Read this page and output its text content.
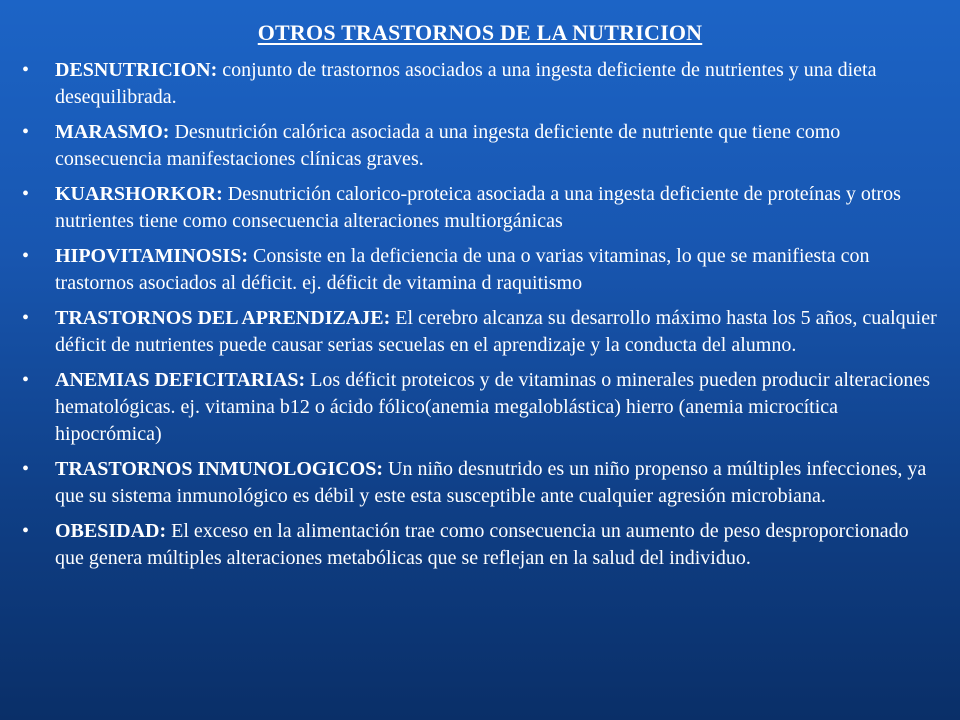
OTROS TRASTORNOS DE LA NUTRICION
• DESNUTRICION: conjunto de trastornos asociados a una ingesta deficiente de nutrientes y una dieta desequilibrada.
• MARASMO: Desnutrición calórica asociada a una ingesta deficiente de nutriente que tiene como consecuencia manifestaciones clínicas graves.
• KUARSHORKOR: Desnutrición calorico-proteica asociada a una ingesta deficiente de proteínas y otros nutrientes tiene como consecuencia alteraciones multiorgánicas
• HIPOVITAMINOSIS: Consiste en la deficiencia de una o varias vitaminas, lo que se manifiesta con trastornos asociados al déficit. ej. déficit de vitamina d raquitismo
• TRASTORNOS DEL APRENDIZAJE: El cerebro alcanza su desarrollo máximo hasta los 5 años, cualquier déficit de nutrientes puede causar serias secuelas en el aprendizaje y la conducta del alumno.
• ANEMIAS DEFICITARIAS: Los déficit proteicos y de vitaminas o minerales pueden producir alteraciones hematológicas. ej. vitamina b12 o ácido fólico(anemia megaloblástica) hierro (anemia microcítica hipocrómica)
• TRASTORNOS INMUNOLOGICOS: Un niño desnutrido es un niño propenso a múltiples infecciones, ya que su sistema inmunológico es débil y este esta susceptible ante cualquier agresión microbiana.
• OBESIDAD: El exceso en la alimentación trae como consecuencia un aumento de peso desproporcionado que genera múltiples alteraciones metabólicas que se reflejan en la salud del individuo.
